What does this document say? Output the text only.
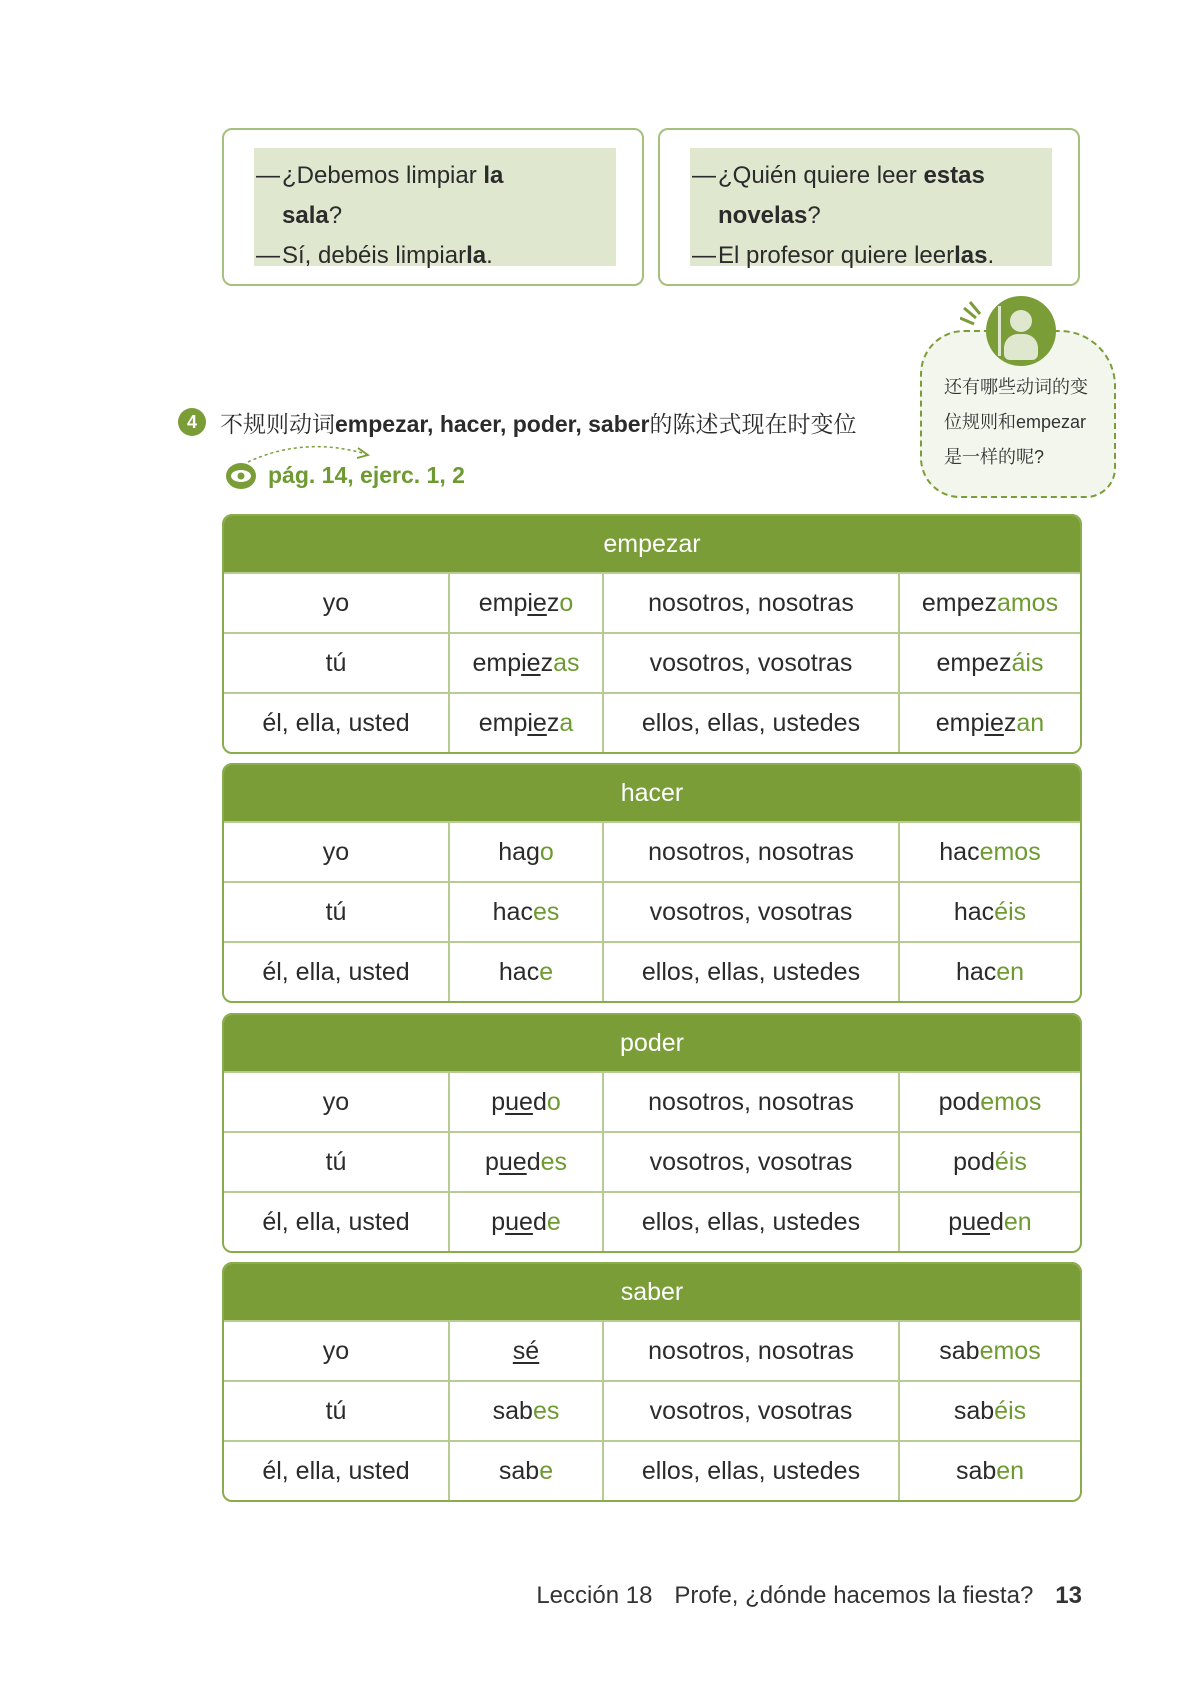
— ¿Debemos limpiar la
sala?
— Sí, debéis limpiarla.
— ¿Quién quiere leer estas
novelas?
— El profesor quiere leerlas.
还有哪些动词的变
位规则和empezar
是一样的呢?
4	不规则动词empezar, hacer, poder, saber的陈述式现在时变位
pág. 14, ejerc. 1, 2
empezar
yo	emp ie z o	nosotros, nosotras	empez amos
tú	emp ie z as	vosotros, vosotras	empez áis
él, ella, usted	emp ie z a	ellos, ellas, ustedes	emp ie z an
hacer
yo	ha g o	nosotros, nosotras	hac emos
tú	hac es	vosotros, vosotras	hac éis
él, ella, usted	hac e	ellos, ellas, ustedes	hac en
poder
yo	p ue d o	nosotros, nosotras	pod emos
tú	p ue d es	vosotros, vosotras	pod éis
él, ella, usted	p ue d e	ellos, ellas, ustedes	p ue d en
saber
yo	sé	nosotros, nosotras	sab emos
tú	sab es	vosotros, vosotras	sab éis
él, ella, usted	sab e	ellos, ellas, ustedes	sab en
Lección 18 Profe, ¿dónde hacemos la fiesta? 13
